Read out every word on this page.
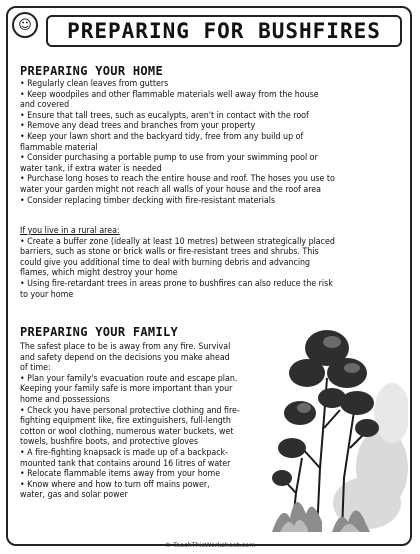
☺ PREPARING FOR BUSHFIRES
PREPARING YOUR HOME

• Regularly clean leaves from gutters

• Keep woodpiles and other flammable materials well away from the house

and covered

• Ensure that tall trees, such as eucalypts, aren't in contact with the roof

• Remove any dead trees and branches from your property

• Keep your lawn short and the backyard tidy, free from any build up of

flammable material

• Consider purchasing a portable pump to use from your swimming pool or

water tank, if extra water is needed

• Purchase long hoses to reach the entire house and roof. The hoses you use to

water your garden might not reach all walls of your house and the roof area

• Consider replacing timber decking with fire-resistant materials

If you live in a rural area:

• Create a buffer zone (ideally at least 10 metres) between strategically placed

barriers, such as stone or brick walls or fire-resistant trees and shrubs. This

could give you additional time to deal with burning debris and advancing

flames, which might destroy your home

• Using fire-retardant trees in areas prone to bushfires can also reduce the risk

to your home

PREPARING YOUR FAMILY

The safest place to be is away from any fire. Survival

and safety depend on the decisions you make ahead

of time:

• Plan your family's evacuation route and escape plan.

Keeping your family safe is more important than your

home and possessions

• Check you have personal protective clothing and fire-

fighting equipment like, fire extinguishers, full-length

cotton or wool clothing, numerous water buckets, wet

towels, bushfire boots, and protective gloves

• A fire-fighting knapsack is made up of a backpack-

mounted tank that contains around 16 litres of water

• Relocate flammable items away from your home

• Know where and how to turn off mains power,

water, gas and solar power

© TeachThisWorksheet.com
